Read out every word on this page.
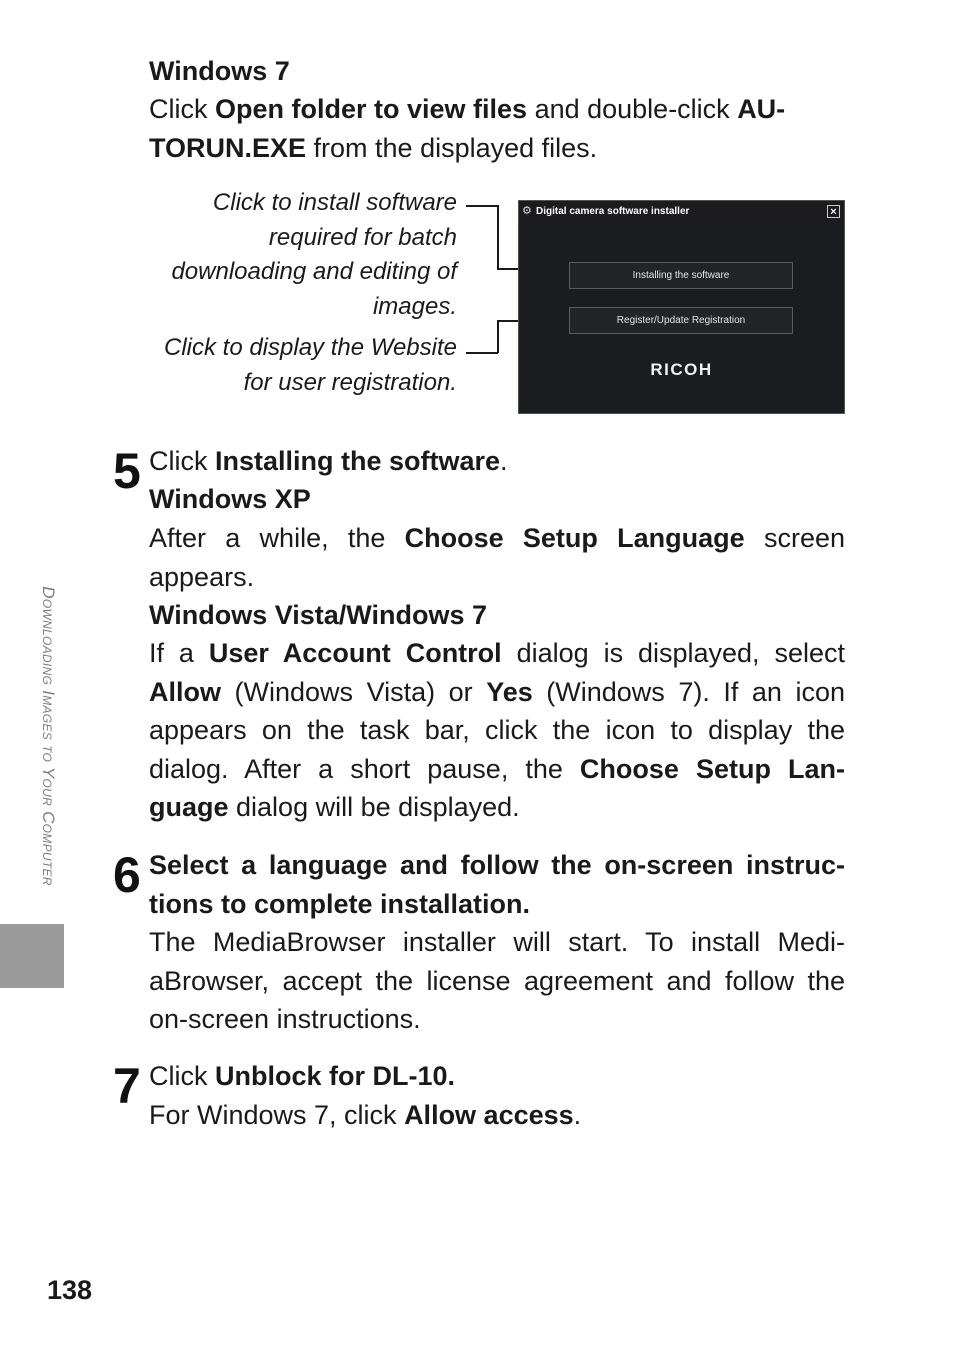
Windows 7
Click Open folder to view files and double-click AU-TORUN.EXE from the displayed files.
Click to install software required for batch downloading and editing of images.
Click to display the Website for user registration.
⚙ Digital camera software installer	×
Installing the software
Register/Update Registration
RICOH
5 Click Installing the software.
Windows XP
After a while, the Choose Setup Language screen appears.
Windows Vista/Windows 7
If a User Account Control dialog is displayed, select Allow (Windows Vista) or Yes (Windows 7). If an icon appears on the task bar, click the icon to display the dialog. After a short pause, the Choose Setup Lan-guage dialog will be displayed.
6 Select a language and follow the on-screen instruc-tions to complete installation.
The MediaBrowser installer will start. To install Medi-aBrowser, accept the license agreement and follow the on-screen instructions.
7 Click Unblock for DL-10.
For Windows 7, click Allow access.
Downloading Images to Your Computer
138
